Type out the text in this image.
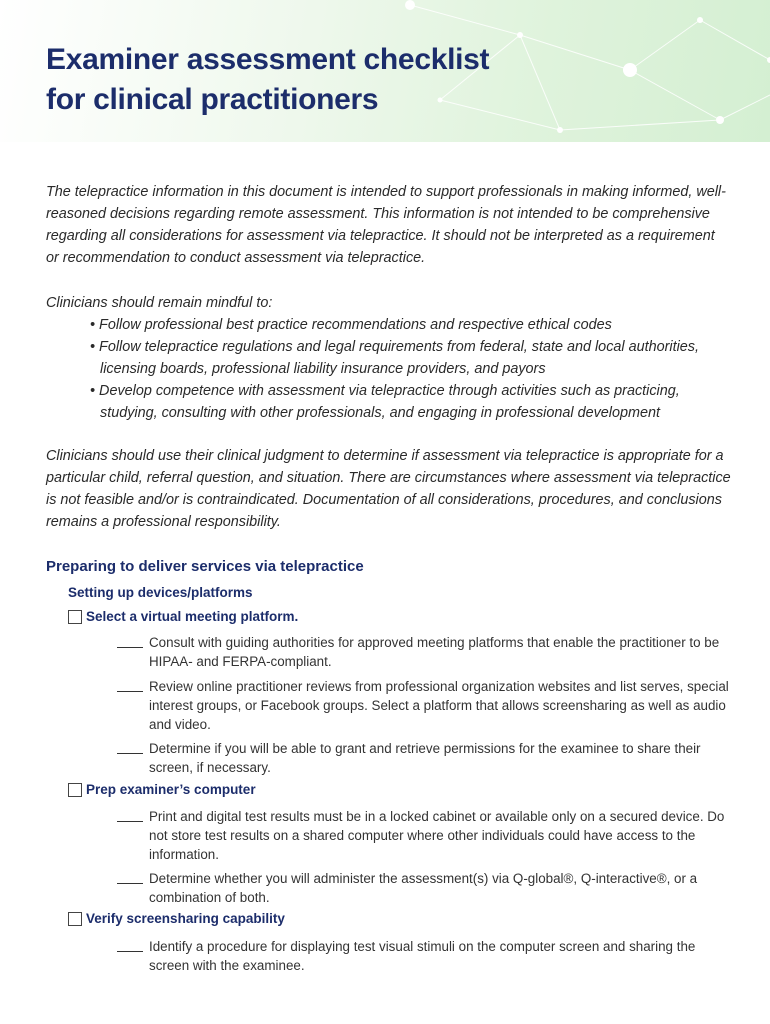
Examiner assessment checklist
for clinical practitioners

The telepractice information in this document is intended to support professionals in making informed, well-reasoned decisions regarding remote assessment. This information is not intended to be comprehensive regarding all considerations for assessment via telepractice. It should not be interpreted as a requirement or recommendation to conduct assessment via telepractice.

Clinicians should remain mindful to:

• Follow professional best practice recommendations and respective ethical codes
• Follow telepractice regulations and legal requirements from federal, state and local authorities, licensing boards, professional liability insurance providers, and payors
• Develop competence with assessment via telepractice through activities such as practicing, studying, consulting with other professionals, and engaging in professional development

Clinicians should use their clinical judgment to determine if assessment via telepractice is appropriate for a particular child, referral question, and situation. There are circumstances where assessment via telepractice is not feasible and/or is contraindicated. Documentation of all considerations, procedures, and conclusions remains a professional responsibility.

Preparing to deliver services via telepractice
Setting up devices/platforms
Select a virtual meeting platform.
Consult with guiding authorities for approved meeting platforms that enable the practitioner to be HIPAA- and FERPA-compliant.
Review online practitioner reviews from professional organization websites and list serves, special interest groups, or Facebook groups. Select a platform that allows screensharing as well as audio and video.
Determine if you will be able to grant and retrieve permissions for the examinee to share their screen, if necessary.
Prep examiner’s computer
Print and digital test results must be in a locked cabinet or available only on a secured device. Do not store test results on a shared computer where other individuals could have access to the information.
Determine whether you will administer the assessment(s) via Q-global®, Q-interactive®, or a combination of both.
Verify screensharing capability
Identify a procedure for displaying test visual stimuli on the computer screen and sharing the screen with the examinee.
